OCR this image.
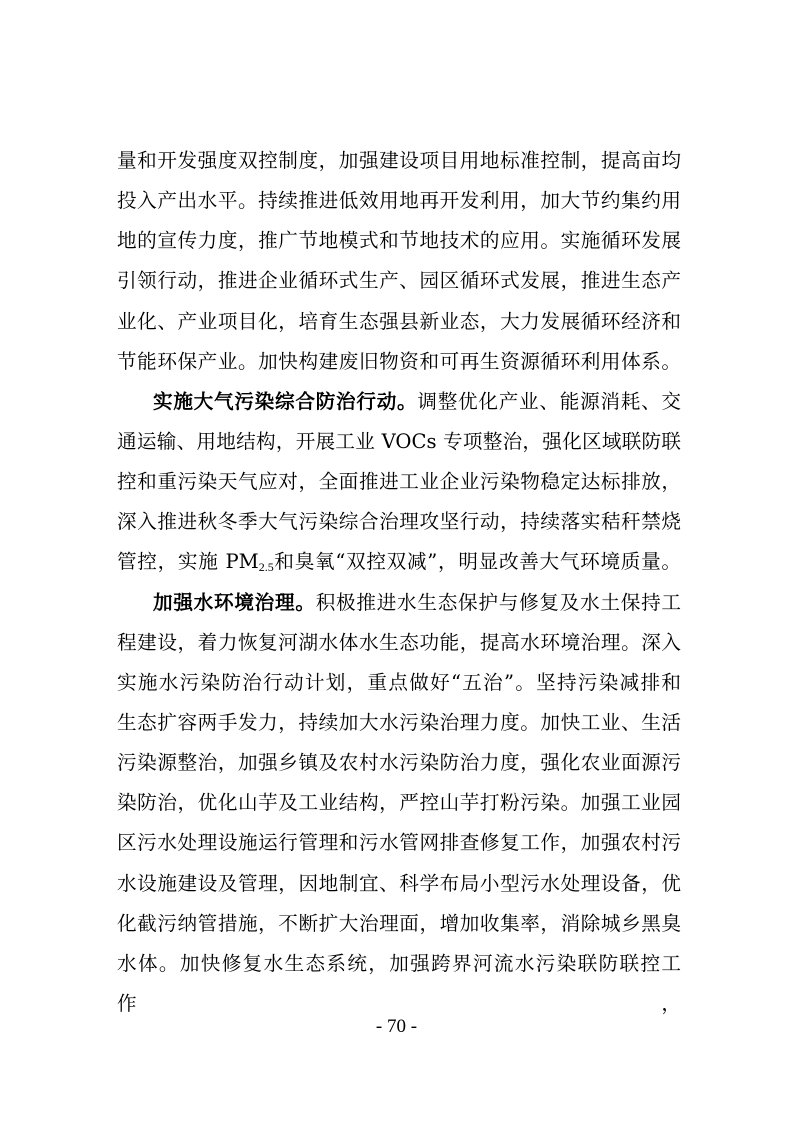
量和开发强度双控制度，加强建设项目用地标准控制，提高亩均
投入产出水平。持续推进低效用地再开发利用，加大节约集约用
地的宣传力度，推广节地模式和节地技术的应用。实施循环发展
引领行动，推进企业循环式生产、园区循环式发展，推进生态产
业化、产业项目化，培育生态强县新业态，大力发展循环经济和
节能环保产业。加快构建废旧物资和可再生资源循环利用体系。
实施大气污染综合防治行动。调整优化产业、能源消耗、交
通运输、用地结构，开展工业 VOCs 专项整治，强化区域联防联
控和重污染天气应对，全面推进工业企业污染物稳定达标排放，
深入推进秋冬季大气污染综合治理攻坚行动，持续落实秸秆禁烧
管控，实施 $PM_{2.5}$和臭氧“双控双减”，明显改善大气环境质量。
加强水环境治理。积极推进水生态保护与修复及水土保持工
程建设，着力恢复河湖水体水生态功能，提高水环境治理。深入
实施水污染防治行动计划，重点做好“五治”。坚持污染减排和
生态扩容两手发力，持续加大水污染治理力度。加快工业、生活
污染源整治，加强乡镇及农村水污染防治力度，强化农业面源污
染防治，优化山芋及工业结构，严控山芋打粉污染。加强工业园
区污水处理设施运行管理和污水管网排查修复工作，加强农村污
水设施建设及管理，因地制宜、科学布局小型污水处理设备，优
化截污纳管措施，不断扩大治理面，增加收集率，消除城乡黑臭
水体。加快修复水生态系统，加强跨界河流水污染联防联控工作，
- 70 -
